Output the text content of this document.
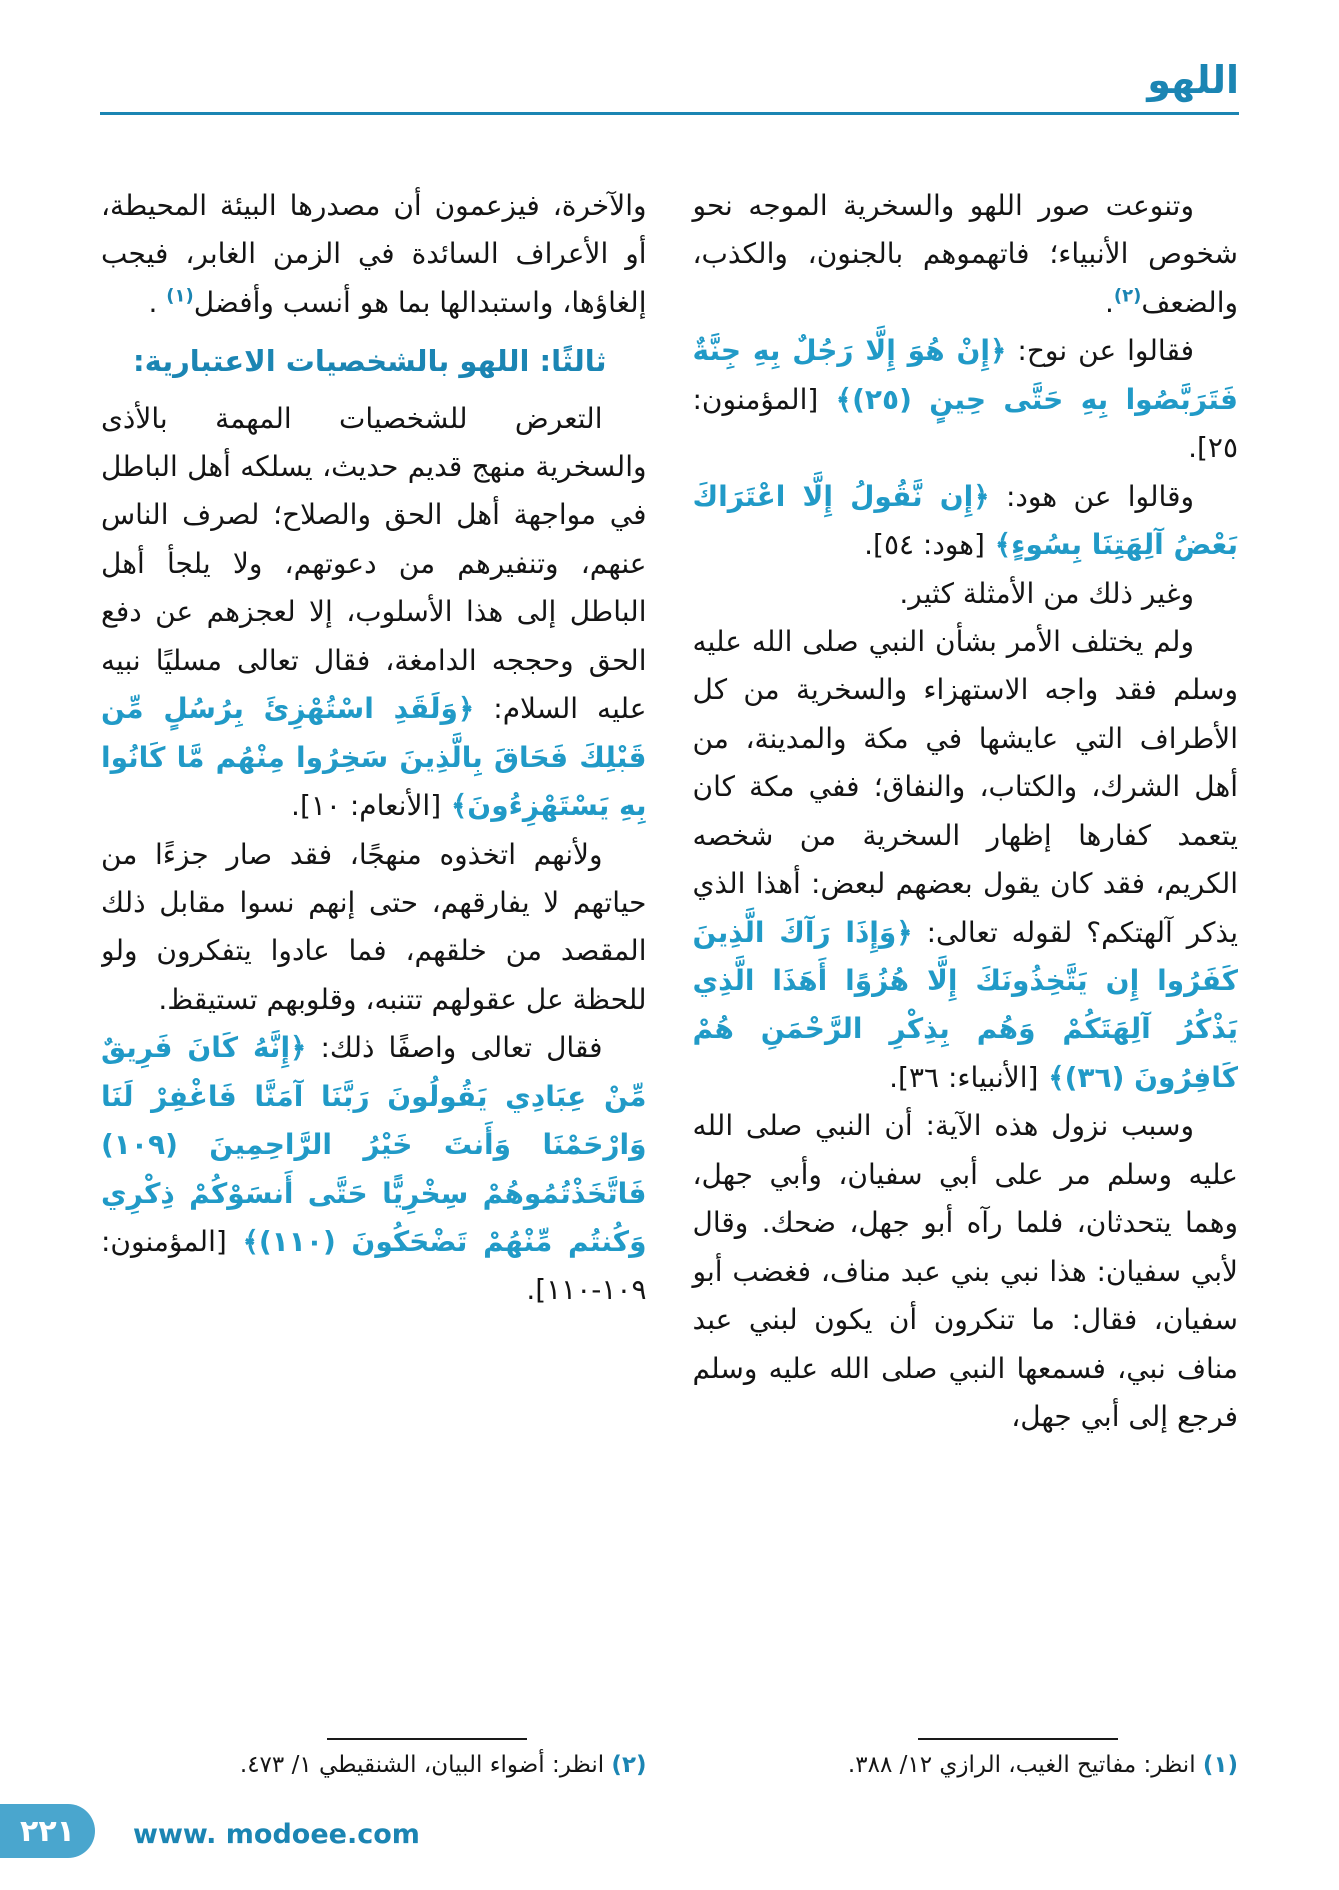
اللهو

وتنوعت صور اللهو والسخرية الموجه نحو شخوص الأنبياء؛ فاتهموهم بالجنون، والكذب، والضعف$^{(٢)}$.

فقالوا عن نوح: ﴿إِنْ هُوَ إِلَّا رَجُلٌ بِهِ جِنَّةٌ فَتَرَبَّصُوا بِهِ حَتَّى حِينٍ (٢٥)﴾ [المؤمنون: ٢٥].

وقالوا عن هود: ﴿إِن نَّقُولُ إِلَّا اعْتَرَاكَ بَعْضُ آلِهَتِنَا بِسُوءٍ﴾ [هود: ٥٤].

وغير ذلك من الأمثلة كثير.

ولم يختلف الأمر بشأن النبي صلى الله عليه وسلم فقد واجه الاستهزاء والسخرية من كل الأطراف التي عايشها في مكة والمدينة، من أهل الشرك، والكتاب، والنفاق؛ ففي مكة كان يتعمد كفارها إظهار السخرية من شخصه الكريم، فقد كان يقول بعضهم لبعض: أهذا الذي يذكر آلهتكم؟ لقوله تعالى: ﴿وَإِذَا رَآكَ الَّذِينَ كَفَرُوا إِن يَتَّخِذُونَكَ إِلَّا هُزُوًا أَهَذَا الَّذِي يَذْكُرُ آلِهَتَكُمْ وَهُم بِذِكْرِ الرَّحْمَنِ هُمْ كَافِرُونَ (٣٦)﴾ [الأنبياء: ٣٦].

وسبب نزول هذه الآية: أن النبي صلى الله عليه وسلم مر على أبي سفيان، وأبي جهل، وهما يتحدثان، فلما رآه أبو جهل، ضحك. وقال لأبي سفيان: هذا نبي بني عبد مناف، فغضب أبو سفيان، فقال: ما تنكرون أن يكون لبني عبد مناف نبي، فسمعها النبي صلى الله عليه وسلم فرجع إلى أبي جهل،

والآخرة، فيزعمون أن مصدرها البيئة المحيطة، أو الأعراف السائدة في الزمن الغابر، فيجب إلغاؤها، واستبدالها بما هو أنسب وأفضل$^{(١)}$ .

ثالثًا: اللهو بالشخصيات الاعتبارية:

التعرض للشخصيات المهمة بالأذى والسخرية منهج قديم حديث، يسلكه أهل الباطل في مواجهة أهل الحق والصلاح؛ لصرف الناس عنهم، وتنفيرهم من دعوتهم، ولا يلجأ أهل الباطل إلى هذا الأسلوب، إلا لعجزهم عن دفع الحق وحججه الدامغة، فقال تعالى مسليًا نبيه عليه السلام: ﴿وَلَقَدِ اسْتُهْزِئَ بِرُسُلٍ مِّن قَبْلِكَ فَحَاقَ بِالَّذِينَ سَخِرُوا مِنْهُم مَّا كَانُوا بِهِ يَسْتَهْزِءُونَ﴾ [الأنعام: ١٠].

ولأنهم اتخذوه منهجًا، فقد صار جزءًا من حياتهم لا يفارقهم، حتى إنهم نسوا مقابل ذلك المقصد من خلقهم، فما عادوا يتفكرون ولو للحظة عل عقولهم تتنبه، وقلوبهم تستيقظ.

فقال تعالى واصفًا ذلك: ﴿إِنَّهُ كَانَ فَرِيقٌ مِّنْ عِبَادِي يَقُولُونَ رَبَّنَا آمَنَّا فَاغْفِرْ لَنَا وَارْحَمْنَا وَأَنتَ خَيْرُ الرَّاحِمِينَ (١٠٩) فَاتَّخَذْتُمُوهُمْ سِخْرِيًّا حَتَّى أَنسَوْكُمْ ذِكْرِي وَكُنتُم مِّنْهُمْ تَضْحَكُونَ (١١٠)﴾ [المؤمنون: ١٠٩-١١٠].

(١) انظر: مفاتيح الغيب، الرازي ١٢/ ٣٨٨.
(٢) انظر: أضواء البيان، الشنقيطي ١/ ٤٧٣.
٢٢١	www. modoee.com
